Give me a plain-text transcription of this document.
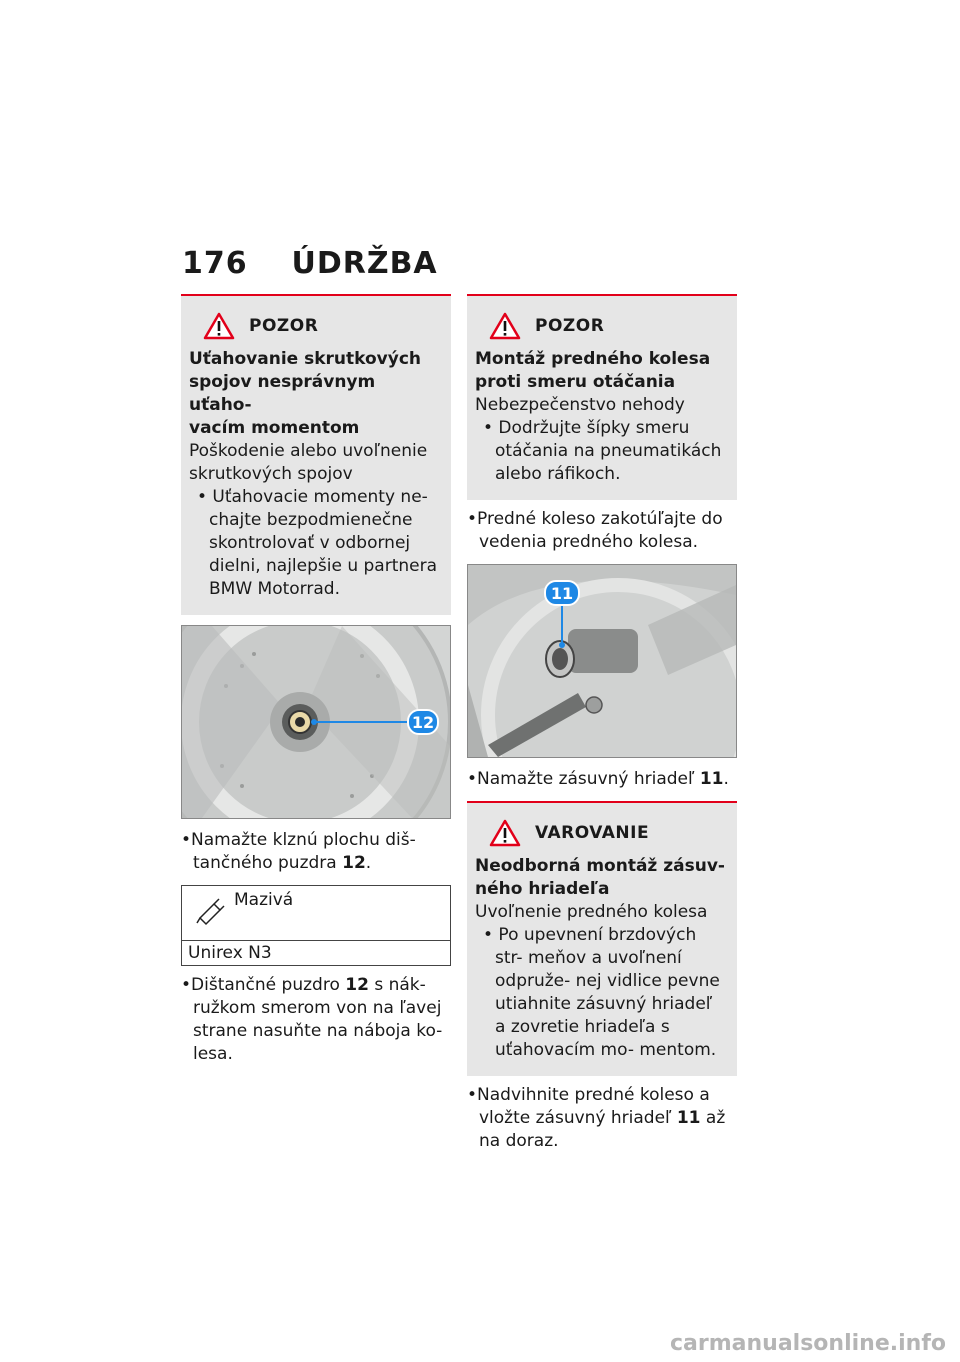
176 ÚDRŽBA
POZOR
Uťahovanie skrutkových
spojov nesprávnym uťaho-
vacím momentom
Poškodenie alebo uvoľnenie
skrutkových spojov
• Uťahovacie momenty ne- chajte bezpodmienečne skontrolovať v odbornej dielni, najlepšie u partnera BMW Motorrad.
12
•Namažte klznú plochu diš- tančného puzdra 12.
Mazivá
Unirex N3
•Dištančné puzdro 12 s nák- ružkom smerom von na ľavej strane nasuňte na nábojа ko- lesa.
POZOR
Montáž predného kolesa
proti smeru otáčania
Nebezpečenstvo nehody
• Dodržujte šípky smeru otáčania na pneumatikách alebo ráfikoch.
•Predné koleso zakotúľajte do vedenia predného kolesa.
11
•Namažte zásuvný hriadeľ 11.
VAROVANIE
Neodborná montáž zásuv-
ného hriadeľa
Uvoľnenie predného kolesa
• Po upevnení brzdových str- meňov a uvoľnení odpruže- nej vidlice pevne utiahnite zásuvný hriadeľ a zovretie hriadeľa s uťahovacím mo- mentom.
•Nadvihnite predné koleso a vložte zásuvný hriadeľ 11 až na doraz.
carmanualsonline.info
